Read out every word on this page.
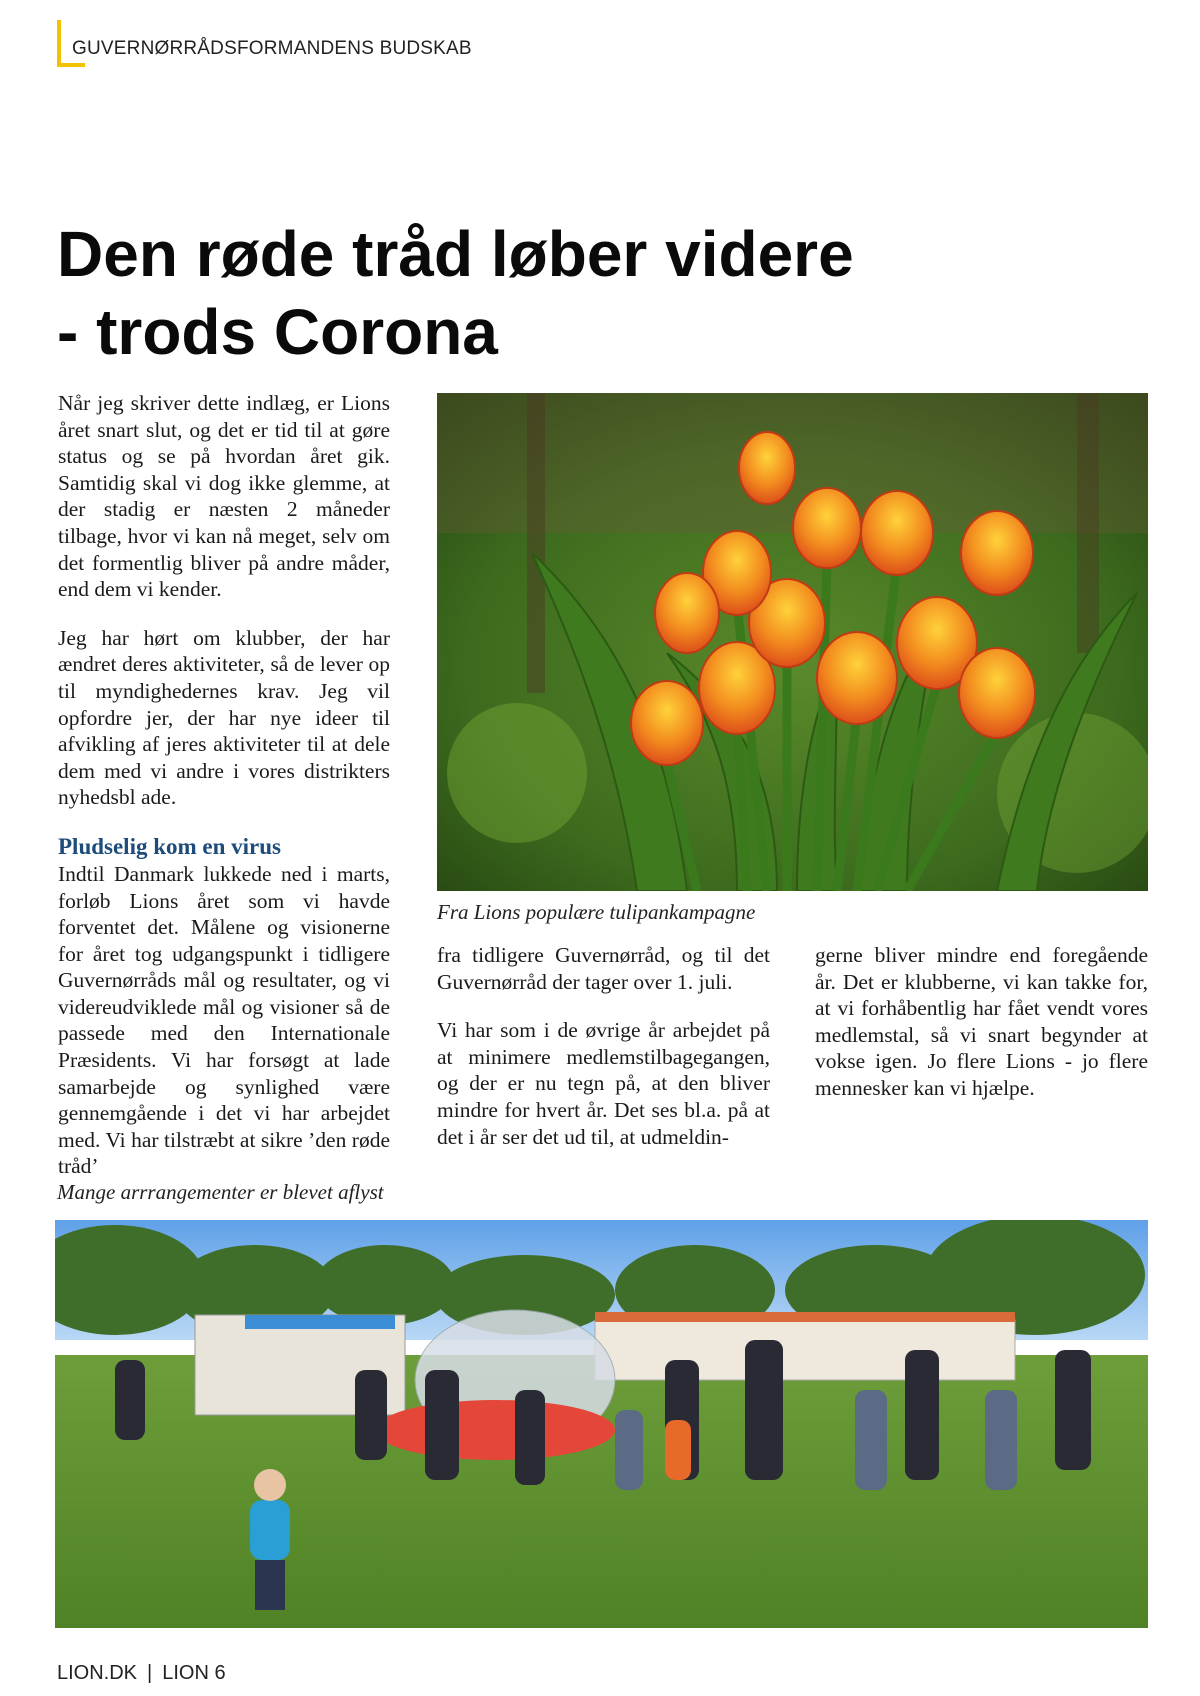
GUVERNØRRÅDSFORMANDENS BUDSKAB
Den røde tråd løber videre
- trods Corona

Når jeg skriver dette indlæg, er Lions året snart slut, og det er tid til at gøre status og se på hvordan året gik. Samtidig skal vi dog ikke glemme, at der stadig er næsten 2 måneder tilbage, hvor vi kan nå meget, selv om det formentlig bliver på andre måder, end dem vi kender.

Jeg har hørt om klubber, der har ændret deres aktiviteter, så de lever op til myndighedernes krav. Jeg vil opfordre jer, der har nye ideer til afvikling af jeres aktiviteter til at dele dem med vi andre i vores distrikters nyhedsbl ade.

Pludselig kom en virus

Indtil Danmark lukkede ned i marts, forløb Lions året som vi havde forventet det. Målene og visionerne for året tog udgangspunkt i tidligere Guvernørråds mål og resultater, og vi videreudviklede mål og visioner så de passede med den Internationale Præsidents. Vi har forsøgt at lade samarbejde og synlighed være gennemgående i det vi har arbejdet med. Vi har tilstræbt at sikre ’den røde tråd’

Fra Lions populære tulipankampagne

fra tidligere Guvernørråd, og til det Guvernørråd der tager over 1. juli.

Vi har som i de øvrige år arbejdet på at minimere medlemstilbagegangen, og der er nu tegn på, at den bliver mindre for hvert år. Det ses bl.a. på at det i år ser det ud til, at udmeldin-

gerne bliver mindre end foregående år. Det er klubberne, vi kan takke for, at vi forhåbentlig har fået vendt vores medlemstal, så vi snart begynder at vokse igen. Jo flere Lions - jo flere mennesker kan vi hjælpe.

Mange arrrangementer er blevet aflyst
LION.DK | LION 6
